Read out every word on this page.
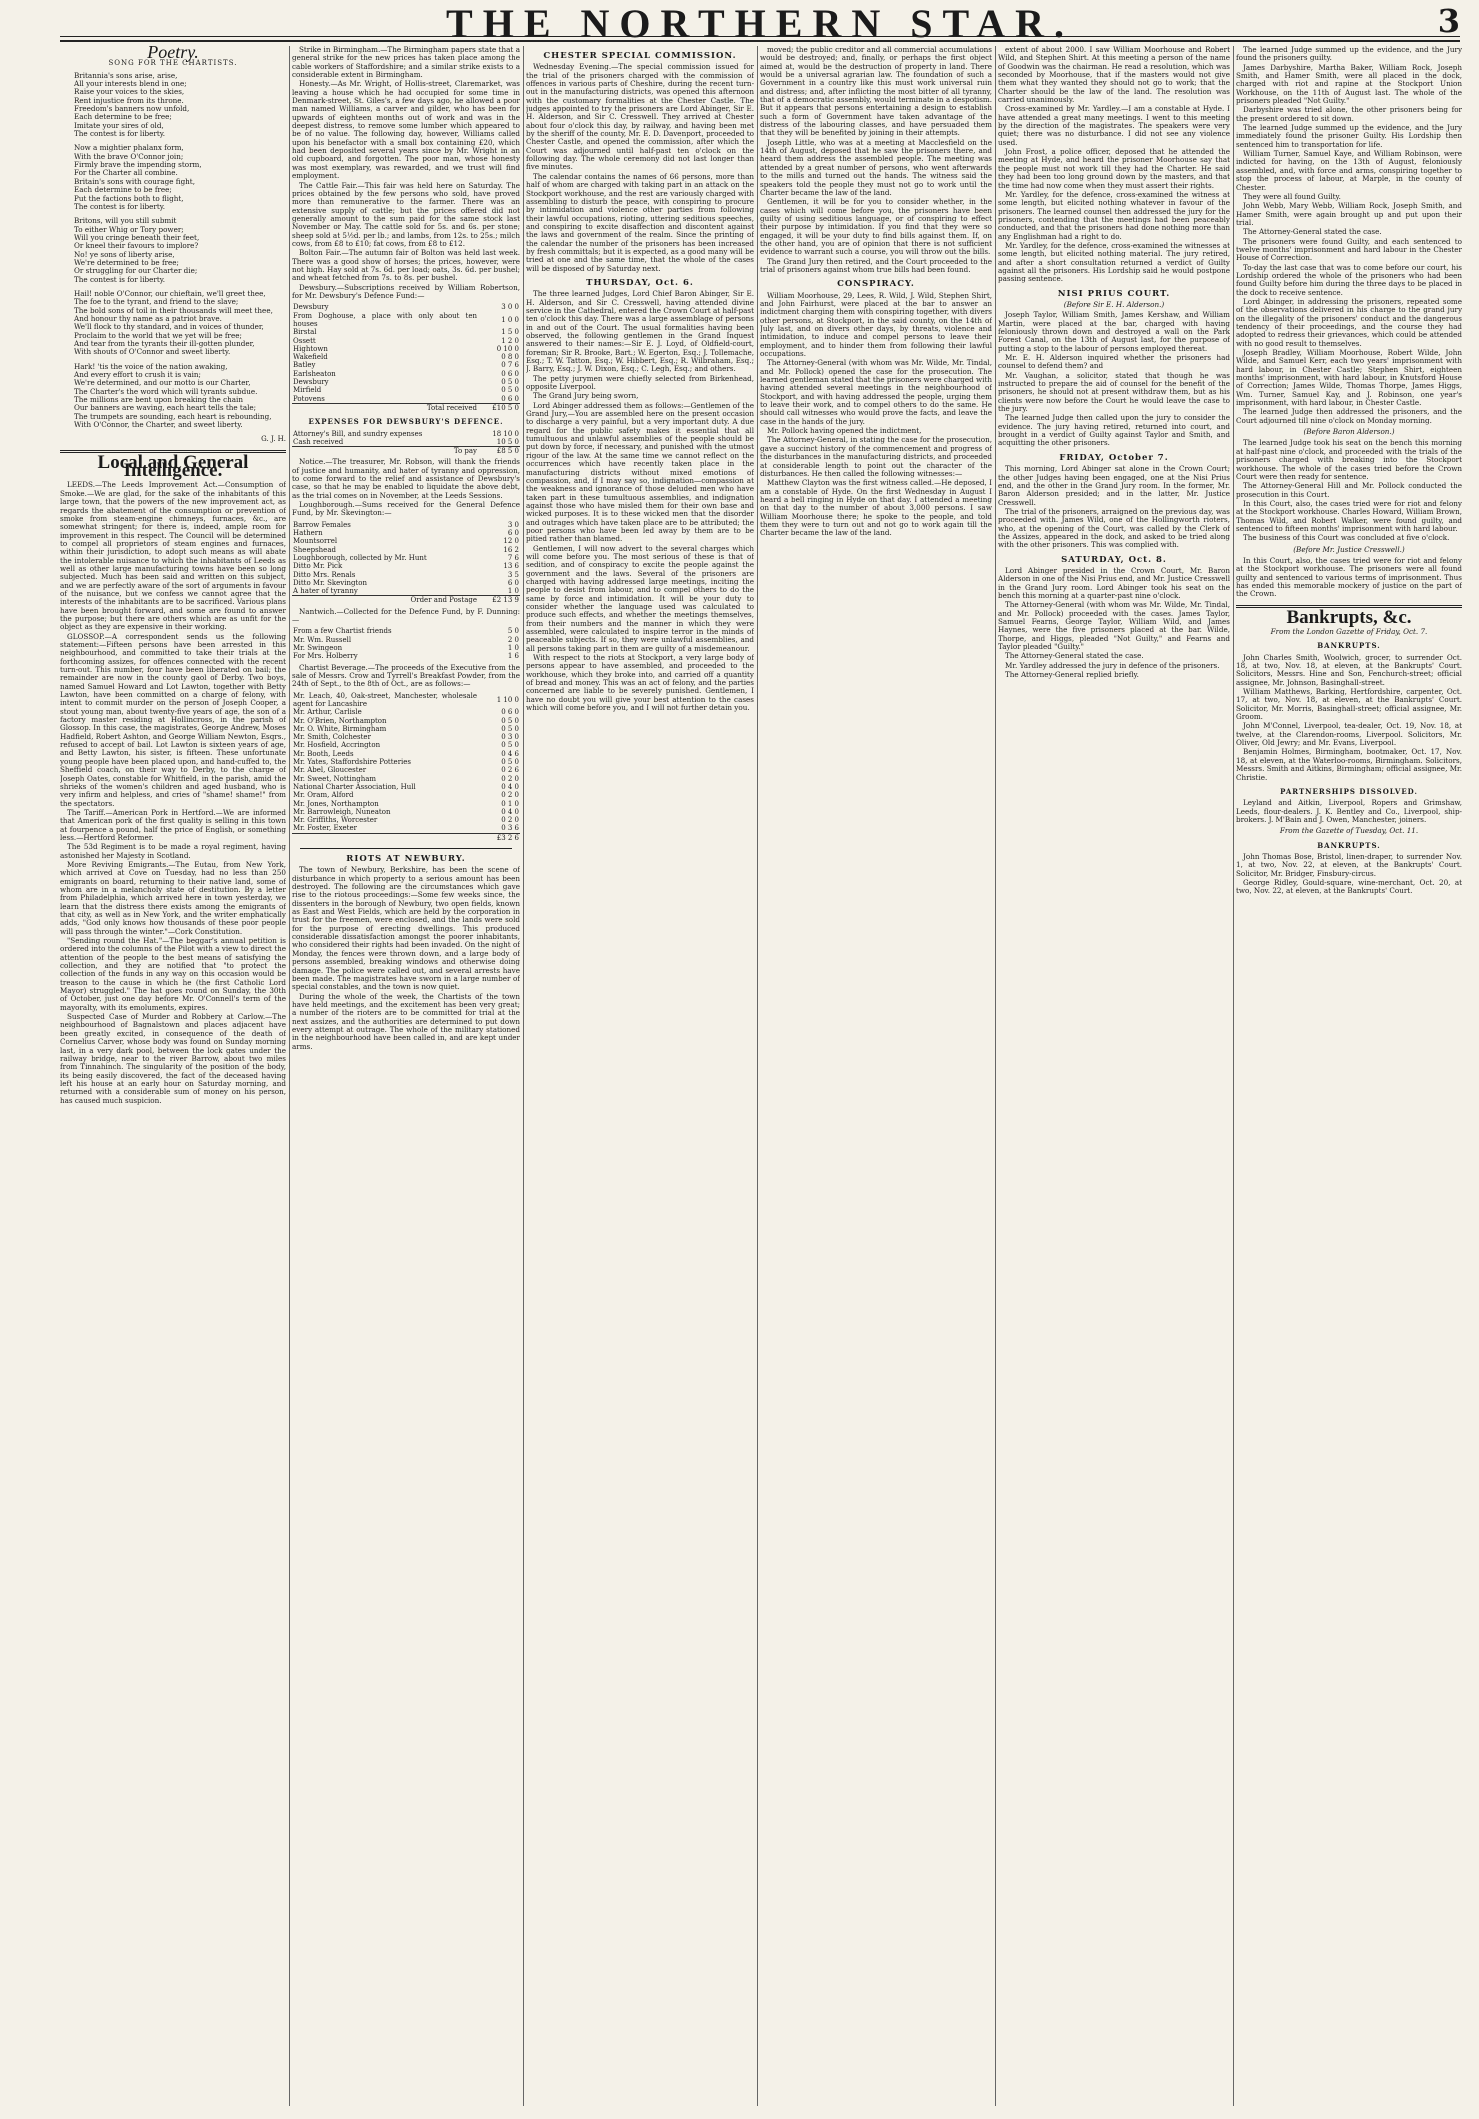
THE NORTHERN STAR.	3
Poetry.
SONG FOR THE CHARTISTS.
Britannia's sons arise, arise,
All your interests blend in one;
Raise your voices to the skies,
Rent injustice from its throne.
Freedom's banners now unfold,
Each determine to be free;
Imitate your sires of old,
The contest is for liberty.
Now a mightier phalanx form,
With the brave O'Connor join;
Firmly brave the impending storm,
For the Charter all combine.
Britain's sons with courage fight,
Each determine to be free;
Put the factions both to flight,
The contest is for liberty.
Britons, will you still submit
To either Whig or Tory power;
Will you cringe beneath their feet,
Or kneel their favours to implore?
No! ye sons of liberty arise,
We're determined to be free;
Or struggling for our Charter die;
The contest is for liberty.
Hail! noble O'Connor, our chieftain, we'll greet thee,
The foe to the tyrant, and friend to the slave;
The bold sons of toil in their thousands will meet thee,
And honour thy name as a patriot brave.
We'll flock to thy standard, and in voices of thunder,
Proclaim to the world that we yet will be free;
And tear from the tyrants their ill-gotten plunder,
With shouts of O'Connor and sweet liberty.
Hark! 'tis the voice of the nation awaking,
And every effort to crush it is vain;
We're determined, and our motto is our Charter,
The Charter's the word which will tyrants subdue.
The millions are bent upon breaking the chain
Our banners are waving, each heart tells the tale;
The trumpets are sounding, each heart is rebounding,
With O'Connor, the Charter, and sweet liberty.
G. J. H.
Local and General Intelligence.

LEEDS.—The Leeds Improvement Act.—Consumption of Smoke.—We are glad, for the sake of the inhabitants of this large town, that the powers of the new improvement act, as regards the abatement of the consumption or prevention of smoke from steam-engine chimneys, furnaces, &c., are somewhat stringent; for there is, indeed, ample room for improvement in this respect. The Council will be determined to compel all proprietors of steam engines and furnaces, within their jurisdiction, to adopt such means as will abate the intolerable nuisance to which the inhabitants of Leeds as well as other large manufacturing towns have been so long subjected. Much has been said and written on this subject, and we are perfectly aware of the sort of arguments in favour of the nuisance, but we confess we cannot agree that the interests of the inhabitants are to be sacrificed. Various plans have been brought forward, and some are found to answer the purpose; but there are others which are as unfit for the object as they are expensive in their working.

GLOSSOP.—A correspondent sends us the following statement:—Fifteen persons have been arrested in this neighbourhood, and committed to take their trials at the forthcoming assizes, for offences connected with the recent turn-out. This number, four have been liberated on bail; the remainder are now in the county gaol of Derby. Two boys, named Samuel Howard and Lot Lawton, together with Betty Lawton, have been committed on a charge of felony, with intent to commit murder on the person of Joseph Cooper, a stout young man, about twenty-five years of age, the son of a factory master residing at Hollincross, in the parish of Glossop. In this case, the magistrates, George Andrew, Moses Hadfield, Robert Ashton, and George William Newton, Esqrs., refused to accept of bail. Lot Lawton is sixteen years of age, and Betty Lawton, his sister, is fifteen. These unfortunate young people have been placed upon, and hand-cuffed to, the Sheffield coach, on their way to Derby, to the charge of Joseph Oates, constable for Whitfield, in the parish, amid the shrieks of the women's children and aged husband, who is very infirm and helpless, and cries of "shame! shame!" from the spectators.

The Tariff.—American Pork in Hertford.—We are informed that American pork of the first quality is selling in this town at fourpence a pound, half the price of English, or something less.—Hertford Reformer.

The 53d Regiment is to be made a royal regiment, having astonished her Majesty in Scotland.

More Reviving Emigrants.—The Eutau, from New York, which arrived at Cove on Tuesday, had no less than 250 emigrants on board, returning to their native land, some of whom are in a melancholy state of destitution. By a letter from Philadelphia, which arrived here in town yesterday, we learn that the distress there exists among the emigrants of that city, as well as in New York, and the writer emphatically adds, "God only knows how thousands of these poor people will pass through the winter."—Cork Constitution.

"Sending round the Hat."—The beggar's annual petition is ordered into the columns of the Pilot with a view to direct the attention of the people to the best means of satisfying the collection, and they are notified that "to protect the collection of the funds in any way on this occasion would be treason to the cause in which he (the first Catholic Lord Mayor) struggled." The hat goes round on Sunday, the 30th of October, just one day before Mr. O'Connell's term of the mayoralty, with its emoluments, expires.

Suspected Case of Murder and Robbery at Carlow.—The neighbourhood of Bagnalstown and places adjacent have been greatly excited, in consequence of the death of Cornelius Carver, whose body was found on Sunday morning last, in a very dark pool, between the lock gates under the railway bridge, near to the river Barrow, about two miles from Tinnahinch. The singularity of the position of the body, its being easily discovered, the fact of the deceased having left his house at an early hour on Saturday morning, and returned with a considerable sum of money on his person, has caused much suspicion.

Strike in Birmingham.—The Birmingham papers state that a general strike for the new prices has taken place among the cable workers of Staffordshire; and a similar strike exists to a considerable extent in Birmingham.

Honesty.—As Mr. Wright, of Hollis-street, Claremarket, was leaving a house which he had occupied for some time in Denmark-street, St. Giles's, a few days ago, he allowed a poor man named Williams, a carver and gilder, who has been for upwards of eighteen months out of work and was in the deepest distress, to remove some lumber which appeared to be of no value. The following day, however, Williams called upon his benefactor with a small box containing £20, which had been deposited several years since by Mr. Wright in an old cupboard, and forgotten. The poor man, whose honesty was most exemplary, was rewarded, and we trust will find employment.

The Cattle Fair.—This fair was held here on Saturday. The prices obtained by the few persons who sold, have proved more than remunerative to the farmer. There was an extensive supply of cattle; but the prices offered did not generally amount to the sum paid for the same stock last November or May. The cattle sold for 5s. and 6s. per stone; sheep sold at 5½d. per lb.; and lambs, from 12s. to 25s.; milch cows, from £8 to £10; fat cows, from £8 to £12.

Bolton Fair.—The autumn fair of Bolton was held last week. There was a good show of horses; the prices, however, were not high. Hay sold at 7s. 6d. per load; oats, 3s. 6d. per bushel; and wheat fetched from 7s. to 8s. per bushel.

Dewsbury.—Subscriptions received by William Robertson, for Mr. Dewsbury's Defence Fund:—

Dewsbury	3 0 0
From Doghouse, a place with only about ten houses	1 0 0
Birstal	1 5 0
Ossett	1 2 0
Hightown	0 10 0
Wakefield	0 8 0
Batley	0 7 6
Earlsheaton	0 6 0
Dewsbury	0 5 0
Mirfield	0 5 0
Potovens	0 6 0
Total received	£10 5 0
EXPENSES FOR DEWSBURY'S DEFENCE.
Attorney's Bill, and sundry expenses	18 10 0
Cash received	10 5 0
To pay	£8 5 0

Notice.—The treasurer, Mr. Robson, will thank the friends of justice and humanity, and hater of tyranny and oppression, to come forward to the relief and assistance of Dewsbury's case, so that he may be enabled to liquidate the above debt, as the trial comes on in November, at the Leeds Sessions.

Loughborough.—Sums received for the General Defence Fund, by Mr. Skevington:—

Barrow Females	3 0
Hathern	6 0
Mountsorrel	12 0
Sheepshead	16 2
Loughborough, collected by Mr. Hunt	7 6
Ditto Mr. Pick	13 6
Ditto Mrs. Renals	3 5
Ditto Mr. Skevington	6 0
A hater of tyranny	1 0
Order and Postage	£2 13 9

Nantwich.—Collected for the Defence Fund, by F. Dunning:—

From a few Chartist friends	5 0
Mr. Wm. Russell	2 0
Mr. Swingeon	1 0
For Mrs. Holberry	1 6

Chartist Beverage.—The proceeds of the Executive from the sale of Messrs. Crow and Tyrrell's Breakfast Powder, from the 24th of Sept., to the 8th of Oct., are as follows:—

Mr. Leach, 40, Oak-street, Manchester, wholesale agent for Lancashire	1 10 0
Mr. Arthur, Carlisle	0 6 0
Mr. O'Brien, Northampton	0 5 0
Mr. O. White, Birmingham	0 5 0
Mr. Smith, Colchester	0 3 0
Mr. Hosfield, Accrington	0 5 0
Mr. Booth, Leeds	0 4 6
Mr. Yates, Staffordshire Potteries	0 5 0
Mr. Abel, Gloucester	0 2 6
Mr. Sweet, Nottingham	0 2 0
National Charter Association, Hull	0 4 0
Mr. Oram, Alford	0 2 0
Mr. Jones, Northampton	0 1 0
Mr. Barrowleigh, Nuneaton	0 4 0
Mr. Griffiths, Worcester	0 2 0
Mr. Foster, Exeter	0 3 6
	£3 2 6
RIOTS AT NEWBURY.

The town of Newbury, Berkshire, has been the scene of disturbance in which property to a serious amount has been destroyed. The following are the circumstances which gave rise to the riotous proceedings:—Some few weeks since, the dissenters in the borough of Newbury, two open fields, known as East and West Fields, which are held by the corporation in trust for the freemen, were enclosed, and the lands were sold for the purpose of erecting dwellings. This produced considerable dissatisfaction amongst the poorer inhabitants, who considered their rights had been invaded. On the night of Monday, the fences were thrown down, and a large body of persons assembled, breaking windows and otherwise doing damage. The police were called out, and several arrests have been made. The magistrates have sworn in a large number of special constables, and the town is now quiet.

During the whole of the week, the Chartists of the town have held meetings, and the excitement has been very great; a number of the rioters are to be committed for trial at the next assizes, and the authorities are determined to put down every attempt at outrage. The whole of the military stationed in the neighbourhood have been called in, and are kept under arms.

CHESTER SPECIAL COMMISSION.

Wednesday Evening.—The special commission issued for the trial of the prisoners charged with the commission of offences in various parts of Cheshire, during the recent turn-out in the manufacturing districts, was opened this afternoon with the customary formalities at the Chester Castle. The judges appointed to try the prisoners are Lord Abinger, Sir E. H. Alderson, and Sir C. Cresswell. They arrived at Chester about four o'clock this day, by railway, and having been met by the sheriff of the county, Mr. E. D. Davenport, proceeded to Chester Castle, and opened the commission, after which the Court was adjourned until half-past ten o'clock on the following day. The whole ceremony did not last longer than five minutes.

The calendar contains the names of 66 persons, more than half of whom are charged with taking part in an attack on the Stockport workhouse, and the rest are variously charged with assembling to disturb the peace, with conspiring to procure by intimidation and violence other parties from following their lawful occupations, rioting, uttering seditious speeches, and conspiring to excite disaffection and discontent against the laws and government of the realm. Since the printing of the calendar the number of the prisoners has been increased by fresh committals; but it is expected, as a good many will be tried at one and the same time, that the whole of the cases will be disposed of by Saturday next.

THURSDAY, Oct. 6.

The three learned Judges, Lord Chief Baron Abinger, Sir E. H. Alderson, and Sir C. Cresswell, having attended divine service in the Cathedral, entered the Crown Court at half-past ten o'clock this day. There was a large assemblage of persons in and out of the Court. The usual formalities having been observed, the following gentlemen in the Grand Inquest answered to their names:—Sir E. J. Loyd, of Oldfield-court, foreman; Sir R. Brooke, Bart.; W. Egerton, Esq.; J. Tollemache, Esq.; T. W. Tatton, Esq.; W. Hibbert, Esq.; R. Wilbraham, Esq.; J. Barry, Esq.; J. W. Dixon, Esq.; C. Legh, Esq.; and others.

The petty jurymen were chiefly selected from Birkenhead, opposite Liverpool.

The Grand Jury being sworn,

Lord Abinger addressed them as follows:—Gentlemen of the Grand Jury,—You are assembled here on the present occasion to discharge a very painful, but a very important duty. A due regard for the public safety makes it essential that all tumultuous and unlawful assemblies of the people should be put down by force, if necessary, and punished with the utmost rigour of the law. At the same time we cannot reflect on the occurrences which have recently taken place in the manufacturing districts without mixed emotions of compassion, and, if I may say so, indignation—compassion at the weakness and ignorance of those deluded men who have taken part in these tumultuous assemblies, and indignation against those who have misled them for their own base and wicked purposes. It is to these wicked men that the disorder and outrages which have taken place are to be attributed; the poor persons who have been led away by them are to be pitied rather than blamed.

Gentlemen, I will now advert to the several charges which will come before you. The most serious of these is that of sedition, and of conspiracy to excite the people against the government and the laws. Several of the prisoners are charged with having addressed large meetings, inciting the people to desist from labour, and to compel others to do the same by force and intimidation. It will be your duty to consider whether the language used was calculated to produce such effects, and whether the meetings themselves, from their numbers and the manner in which they were assembled, were calculated to inspire terror in the minds of peaceable subjects. If so, they were unlawful assemblies, and all persons taking part in them are guilty of a misdemeanour.

With respect to the riots at Stockport, a very large body of persons appear to have assembled, and proceeded to the workhouse, which they broke into, and carried off a quantity of bread and money. This was an act of felony, and the parties concerned are liable to be severely punished. Gentlemen, I have no doubt you will give your best attention to the cases which will come before you, and I will not further detain you.

moved; the public creditor and all commercial accumulations would be destroyed; and, finally, or perhaps the first object aimed at, would be the destruction of property in land. There would be a universal agrarian law. The foundation of such a Government in a country like this must work universal ruin and distress; and, after inflicting the most bitter of all tyranny, that of a democratic assembly, would terminate in a despotism. But it appears that persons entertaining a design to establish such a form of Government have taken advantage of the distress of the labouring classes, and have persuaded them that they will be benefited by joining in their attempts.

Joseph Little, who was at a meeting at Macclesfield on the 14th of August, deposed that he saw the prisoners there, and heard them address the assembled people. The meeting was attended by a great number of persons, who went afterwards to the mills and turned out the hands. The witness said the speakers told the people they must not go to work until the Charter became the law of the land.

Gentlemen, it will be for you to consider whether, in the cases which will come before you, the prisoners have been guilty of using seditious language, or of conspiring to effect their purpose by intimidation. If you find that they were so engaged, it will be your duty to find bills against them. If, on the other hand, you are of opinion that there is not sufficient evidence to warrant such a course, you will throw out the bills.

The Grand Jury then retired, and the Court proceeded to the trial of prisoners against whom true bills had been found.

CONSPIRACY.

William Moorhouse, 29, Lees, R. Wild, J. Wild, Stephen Shirt, and John Fairhurst, were placed at the bar to answer an indictment charging them with conspiring together, with divers other persons, at Stockport, in the said county, on the 14th of July last, and on divers other days, by threats, violence and intimidation, to induce and compel persons to leave their employment, and to hinder them from following their lawful occupations.

The Attorney-General (with whom was Mr. Wilde, Mr. Tindal, and Mr. Pollock) opened the case for the prosecution. The learned gentleman stated that the prisoners were charged with having attended several meetings in the neighbourhood of Stockport, and with having addressed the people, urging them to leave their work, and to compel others to do the same. He should call witnesses who would prove the facts, and leave the case in the hands of the jury.

Mr. Pollock having opened the indictment,

The Attorney-General, in stating the case for the prosecution, gave a succinct history of the commencement and progress of the disturbances in the manufacturing districts, and proceeded at considerable length to point out the character of the disturbances. He then called the following witnesses:—

Matthew Clayton was the first witness called.—He deposed, I am a constable of Hyde. On the first Wednesday in August I heard a bell ringing in Hyde on that day. I attended a meeting on that day to the number of about 3,000 persons. I saw William Moorhouse there; he spoke to the people, and told them they were to turn out and not go to work again till the Charter became the law of the land.

extent of about 2000. I saw William Moorhouse and Robert Wild, and Stephen Shirt. At this meeting a person of the name of Goodwin was the chairman. He read a resolution, which was seconded by Moorhouse, that if the masters would not give them what they wanted they should not go to work; that the Charter should be the law of the land. The resolution was carried unanimously.

Cross-examined by Mr. Yardley.—I am a constable at Hyde. I have attended a great many meetings. I went to this meeting by the direction of the magistrates. The speakers were very quiet; there was no disturbance. I did not see any violence used.

John Frost, a police officer, deposed that he attended the meeting at Hyde, and heard the prisoner Moorhouse say that the people must not work till they had the Charter. He said they had been too long ground down by the masters, and that the time had now come when they must assert their rights.

Mr. Yardley, for the defence, cross-examined the witness at some length, but elicited nothing whatever in favour of the prisoners. The learned counsel then addressed the jury for the prisoners, contending that the meetings had been peaceably conducted, and that the prisoners had done nothing more than any Englishman had a right to do.

Mr. Yardley, for the defence, cross-examined the witnesses at some length, but elicited nothing material. The jury retired, and after a short consultation returned a verdict of Guilty against all the prisoners. His Lordship said he would postpone passing sentence.

NISI PRIUS COURT.
(Before Sir E. H. Alderson.)

Joseph Taylor, William Smith, James Kershaw, and William Martin, were placed at the bar, charged with having feloniously thrown down and destroyed a wall on the Park Forest Canal, on the 13th of August last, for the purpose of putting a stop to the labour of persons employed thereat.

Mr. E. H. Alderson inquired whether the prisoners had counsel to defend them? and

Mr. Vaughan, a solicitor, stated that though he was instructed to prepare the aid of counsel for the benefit of the prisoners, he should not at present withdraw them, but as his clients were now before the Court he would leave the case to the jury.

The learned Judge then called upon the jury to consider the evidence. The jury having retired, returned into court, and brought in a verdict of Guilty against Taylor and Smith, and acquitting the other prisoners.

FRIDAY, October 7.

This morning, Lord Abinger sat alone in the Crown Court; the other Judges having been engaged, one at the Nisi Prius end, and the other in the Grand Jury room. In the former, Mr. Baron Alderson presided; and in the latter, Mr. Justice Cresswell.

The trial of the prisoners, arraigned on the previous day, was proceeded with. James Wild, one of the Hollingworth rioters, who, at the opening of the Court, was called by the Clerk of the Assizes, appeared in the dock, and asked to be tried along with the other prisoners. This was complied with.

SATURDAY, Oct. 8.

Lord Abinger presided in the Crown Court, Mr. Baron Alderson in one of the Nisi Prius end, and Mr. Justice Cresswell in the Grand Jury room. Lord Abinger took his seat on the bench this morning at a quarter-past nine o'clock.

The Attorney-General (with whom was Mr. Wilde, Mr. Tindal, and Mr. Pollock) proceeded with the cases. James Taylor, Samuel Fearns, George Taylor, William Wild, and James Haynes, were the five prisoners placed at the bar. Wilde, Thorpe, and Higgs, pleaded "Not Guilty," and Fearns and Taylor pleaded "Guilty."

The Attorney-General stated the case.

Mr. Yardley addressed the jury in defence of the prisoners.

The Attorney-General replied briefly.

The learned Judge summed up the evidence, and the Jury found the prisoners guilty.

James Darbyshire, Martha Baker, William Rock, Joseph Smith, and Hamer Smith, were all placed in the dock, charged with riot and rapine at the Stockport Union Workhouse, on the 11th of August last. The whole of the prisoners pleaded "Not Guilty."

Darbyshire was tried alone, the other prisoners being for the present ordered to sit down.

The learned Judge summed up the evidence, and the Jury immediately found the prisoner Guilty. His Lordship then sentenced him to transportation for life.

William Turner, Samuel Kaye, and William Robinson, were indicted for having, on the 13th of August, feloniously assembled, and, with force and arms, conspiring together to stop the process of labour, at Marple, in the county of Chester.

They were all found Guilty.

John Webb, Mary Webb, William Rock, Joseph Smith, and Hamer Smith, were again brought up and put upon their trial.

The Attorney-General stated the case.

The prisoners were found Guilty, and each sentenced to twelve months' imprisonment and hard labour in the Chester House of Correction.

To-day the last case that was to come before our court, his Lordship ordered the whole of the prisoners who had been found Guilty before him during the three days to be placed in the dock to receive sentence.

Lord Abinger, in addressing the prisoners, repeated some of the observations delivered in his charge to the grand jury on the illegality of the prisoners' conduct and the dangerous tendency of their proceedings, and the course they had adopted to redress their grievances, which could be attended with no good result to themselves.

Joseph Bradley, William Moorhouse, Robert Wilde, John Wilde, and Samuel Kerr, each two years' imprisonment with hard labour, in Chester Castle; Stephen Shirt, eighteen months' imprisonment, with hard labour, in Knutsford House of Correction; James Wilde, Thomas Thorpe, James Higgs, Wm. Turner, Samuel Kay, and J. Robinson, one year's imprisonment, with hard labour, in Chester Castle.

The learned Judge then addressed the prisoners, and the Court adjourned till nine o'clock on Monday morning.

(Before Baron Alderson.)

The learned Judge took his seat on the bench this morning at half-past nine o'clock, and proceeded with the trials of the prisoners charged with breaking into the Stockport workhouse. The whole of the cases tried before the Crown Court were then ready for sentence.

The Attorney-General Hill and Mr. Pollock conducted the prosecution in this Court.

In this Court, also, the cases tried were for riot and felony at the Stockport workhouse. Charles Howard, William Brown, Thomas Wild, and Robert Walker, were found guilty, and sentenced to fifteen months' imprisonment with hard labour.

The business of this Court was concluded at five o'clock.

(Before Mr. Justice Cresswell.)

In this Court, also, the cases tried were for riot and felony at the Stockport workhouse. The prisoners were all found guilty and sentenced to various terms of imprisonment. Thus has ended this memorable mockery of justice on the part of the Crown.

Bankrupts, &c.
From the London Gazette of Friday, Oct. 7.
BANKRUPTS.

John Charles Smith, Woolwich, grocer, to surrender Oct. 18, at two, Nov. 18, at eleven, at the Bankrupts' Court. Solicitors, Messrs. Hine and Son, Fenchurch-street; official assignee, Mr. Johnson, Basinghall-street.

William Matthews, Barking, Hertfordshire, carpenter, Oct. 17, at two, Nov. 18, at eleven, at the Bankrupts' Court. Solicitor, Mr. Morris, Basinghall-street; official assignee, Mr. Groom.

John M'Connel, Liverpool, tea-dealer, Oct. 19, Nov. 18, at twelve, at the Clarendon-rooms, Liverpool. Solicitors, Mr. Oliver, Old Jewry; and Mr. Evans, Liverpool.

Benjamin Holmes, Birmingham, bootmaker, Oct. 17, Nov. 18, at eleven, at the Waterloo-rooms, Birmingham. Solicitors, Messrs. Smith and Aitkins, Birmingham; official assignee, Mr. Christie.

PARTNERSHIPS DISSOLVED.

Leyland and Aitkin, Liverpool, Ropers and Grimshaw, Leeds, flour-dealers. J. K. Bentley and Co., Liverpool, ship-brokers. J. M'Bain and J. Owen, Manchester, joiners.

From the Gazette of Tuesday, Oct. 11.
BANKRUPTS.

John Thomas Bose, Bristol, linen-draper, to surrender Nov. 1, at two, Nov. 22, at eleven, at the Bankrupts' Court. Solicitor, Mr. Bridger, Finsbury-circus.

George Ridley, Gould-square, wine-merchant, Oct. 20, at two, Nov. 22, at eleven, at the Bankrupts' Court.
